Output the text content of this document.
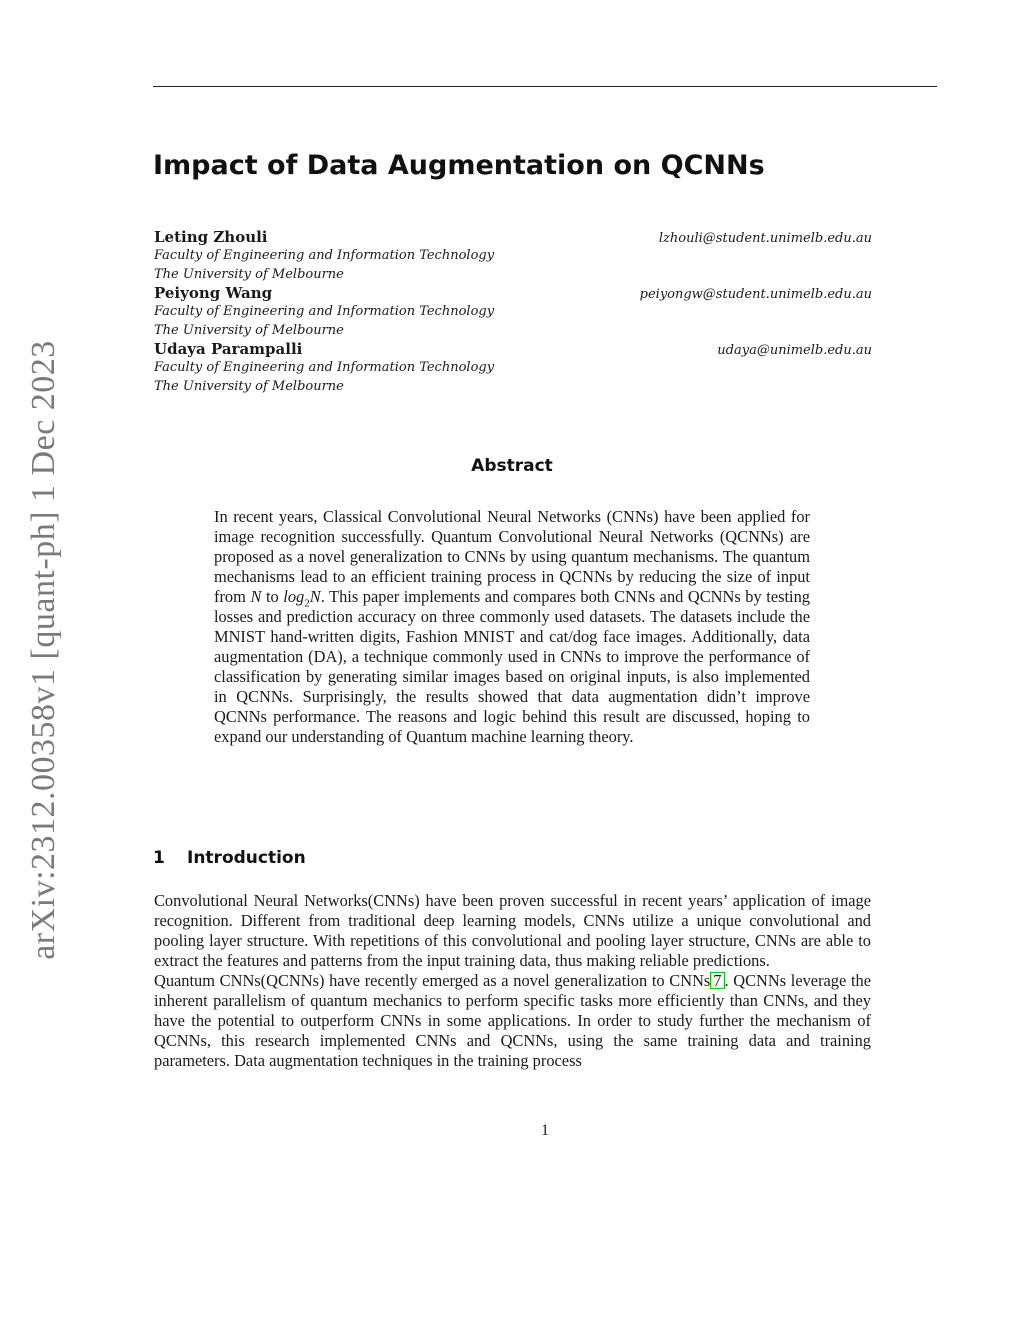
arXiv:2312.00358v1 [quant-ph] 1 Dec 2023
Impact of Data Augmentation on QCNNs
Leting Zhouli	lzhouli@student.unimelb.edu.au
Faculty of Engineering and Information Technology
The University of Melbourne
Peiyong Wang	peiyongw@student.unimelb.edu.au
Faculty of Engineering and Information Technology
The University of Melbourne
Udaya Parampalli	udaya@unimelb.edu.au
Faculty of Engineering and Information Technology
The University of Melbourne
Abstract

In recent years, Classical Convolutional Neural Networks (CNNs) have been applied for image recognition successfully. Quantum Convolutional Neural Networks (QCNNs) are proposed as a novel generalization to CNNs by using quantum mechanisms. The quantum mechanisms lead to an efficient training process in QCNNs by reducing the size of input from N to $\log_2N$. This paper implements and compares both CNNs and QCNNs by testing losses and prediction accuracy on three commonly used datasets. The datasets include the MNIST hand-written digits, Fashion MNIST and cat/dog face images. Additionally, data augmentation (DA), a technique commonly used in CNNs to improve the performance of classification by generating similar images based on original inputs, is also implemented in QCNNs. Surprisingly, the results showed that data augmentation didn’t improve QCNNs performance. The reasons and logic behind this result are discussed, hoping to expand our understanding of Quantum machine learning theory.

1 Introduction

Convolutional Neural Networks(CNNs) have been proven successful in recent years’ application of image recognition. Different from traditional deep learning models, CNNs utilize a unique convolutional and pooling layer structure. With repetitions of this convolutional and pooling layer structure, CNNs are able to extract the features and patterns from the input training data, thus making reliable predictions.

Quantum CNNs(QCNNs) have recently emerged as a novel generalization to CNNs 7 . QCNNs leverage the inherent parallelism of quantum mechanics to perform specific tasks more efficiently than CNNs, and they have the potential to outperform CNNs in some applications. In order to study further the mechanism of QCNNs, this research implemented CNNs and QCNNs, using the same training data and training parameters. Data augmentation techniques in the training process

1
